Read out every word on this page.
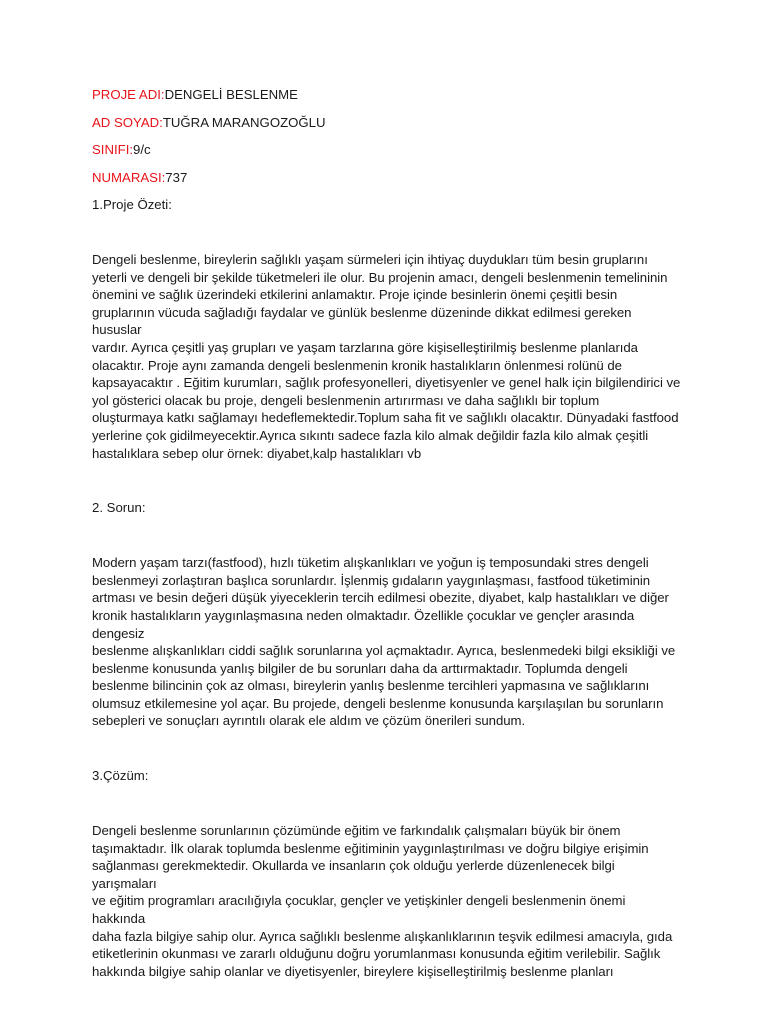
PROJE ADI:DENGELİ BESLENME
AD SOYAD:TUĞRA MARANGOZOĞLU
SINIFI:9/c
NUMARASI:737
1.Proje Özeti:
Dengeli beslenme, bireylerin sağlıklı yaşam sürmeleri için ihtiyaç duydukları tüm besin gruplarını
yeterli ve dengeli bir şekilde tüketmeleri ile olur. Bu projenin amacı, dengeli beslenmenin temelininin
önemini ve sağlık üzerindeki etkilerini anlamaktır. Proje içinde besinlerin önemi çeşitli besin
gruplarının vücuda sağladığı faydalar ve günlük beslenme düzeninde dikkat edilmesi gereken hususlar
vardır. Ayrıca çeşitli yaş grupları ve yaşam tarzlarına göre kişiselleştirilmiş beslenme planlarıda
olacaktır. Proje aynı zamanda dengeli beslenmenin kronik hastalıkların önlenmesi rolünü de
kapsayacaktır . Eğitim kurumları, sağlık profesyonelleri, diyetisyenler ve genel halk için bilgilendirici ve
yol gösterici olacak bu proje, dengeli beslenmenin artırırması ve daha sağlıklı bir toplum
oluşturmaya katkı sağlamayı hedeflemektedir.Toplum saha fit ve sağlıklı olacaktır. Dünyadaki fastfood
yerlerine çok gidilmeyecektir.Ayrıca sıkıntı sadece fazla kilo almak değildir fazla kilo almak çeşitli
hastalıklara sebep olur örnek: diyabet,kalp hastalıkları vb
2. Sorun:
Modern yaşam tarzı(fastfood), hızlı tüketim alışkanlıkları ve yoğun iş temposundaki stres dengeli
beslenmeyi zorlaştıran başlıca sorunlardır. İşlenmiş gıdaların yaygınlaşması, fastfood tüketiminin
artması ve besin değeri düşük yiyeceklerin tercih edilmesi obezite, diyabet, kalp hastalıkları ve diğer
kronik hastalıkların yaygınlaşmasına neden olmaktadır. Özellikle çocuklar ve gençler arasında dengesiz
beslenme alışkanlıkları ciddi sağlık sorunlarına yol açmaktadır. Ayrıca, beslenmedeki bilgi eksikliği ve
beslenme konusunda yanlış bilgiler de bu sorunları daha da arttırmaktadır. Toplumda dengeli
beslenme bilincinin çok az olması, bireylerin yanlış beslenme tercihleri yapmasına ve sağlıklarını
olumsuz etkilemesine yol açar. Bu projede, dengeli beslenme konusunda karşılaşılan bu sorunların
sebepleri ve sonuçları ayrıntılı olarak ele aldım ve çözüm önerileri sundum.
3.Çözüm:
Dengeli beslenme sorunlarının çözümünde eğitim ve farkındalık çalışmaları büyük bir önem
taşımaktadır. İlk olarak toplumda beslenme eğitiminin yaygınlaştırılması ve doğru bilgiye erişimin
sağlanması gerekmektedir. Okullarda ve insanların çok olduğu yerlerde düzenlenecek bilgi yarışmaları
ve eğitim programları aracılığıyla çocuklar, gençler ve yetişkinler dengeli beslenmenin önemi hakkında
daha fazla bilgiye sahip olur. Ayrıca sağlıklı beslenme alışkanlıklarının teşvik edilmesi amacıyla, gıda
etiketlerinin okunması ve zararlı olduğunu doğru yorumlanması konusunda eğitim verilebilir. Sağlık
hakkında bilgiye sahip olanlar ve diyetisyenler, bireylere kişiselleştirilmiş beslenme planları
